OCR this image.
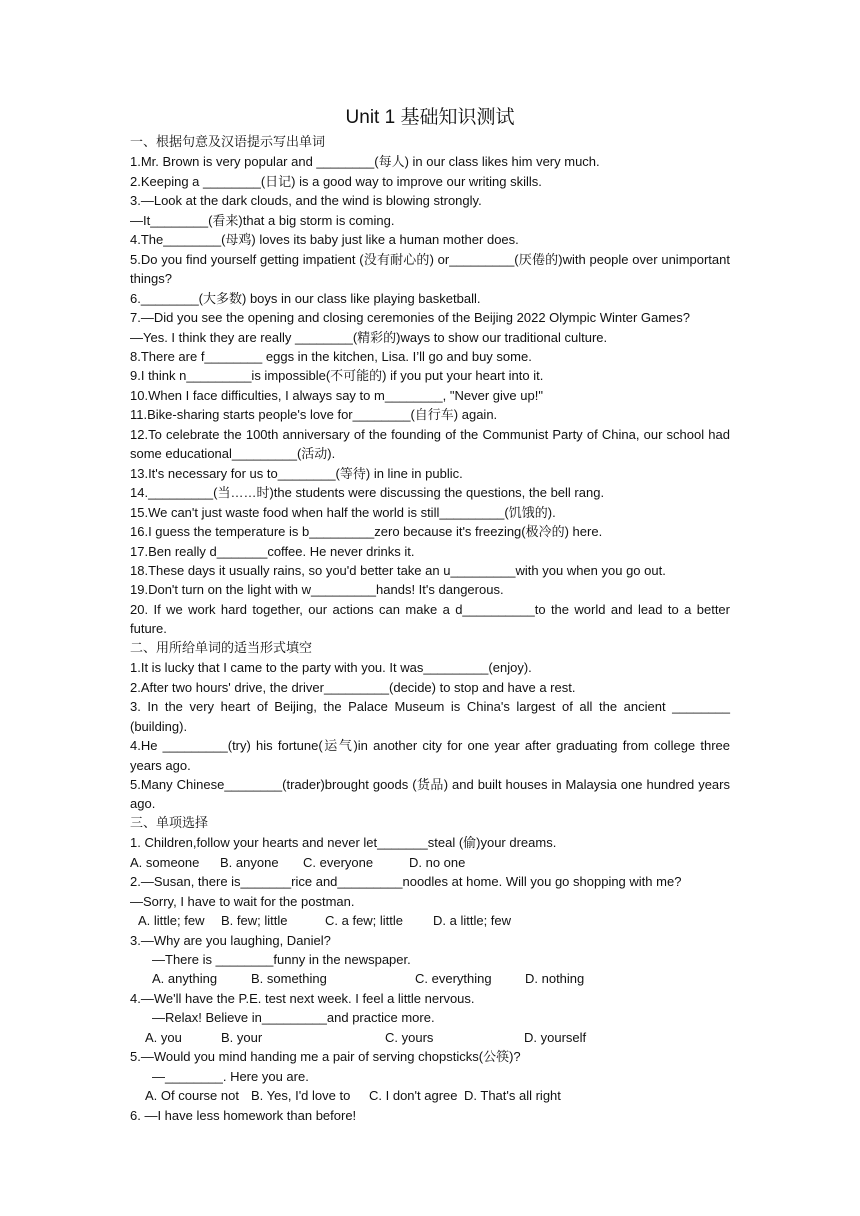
Unit 1 基础知识测试
一、根据句意及汉语提示写出单词
1.Mr. Brown is very popular and ________(每人) in our class likes him very much.
2.Keeping a ________(日记) is a good way to improve our writing skills.
3.—Look at the dark clouds, and the wind is blowing strongly.
—It________(看来)that a big storm is coming.
4.The________(母鸡) loves its baby just like a human mother does.
5.Do you find yourself getting impatient (没有耐心的) or_________(厌倦的)with people over unimportant things?
6.________(大多数) boys in our class like playing basketball.
7.—Did you see the opening and closing ceremonies of the Beijing 2022 Olympic Winter Games?
—Yes. I think they are really ________(精彩的)ways to show our traditional culture.
8.There are f________ eggs in the kitchen, Lisa. I’ll go and buy some.
9.I think n_________is impossible(不可能的) if you put your heart into it.
10.When I face difficulties, I always say to m________, "Never give up!"
11.Bike-sharing starts people's love for________(自行车) again.
12.To celebrate the 100th anniversary of the founding of the Communist Party of China, our school had some educational_________(活动).
13.It's necessary for us to________(等待) in line in public.
14._________(当……时)the students were discussing the questions, the bell rang.
15.We can't just waste food when half the world is still_________(饥饿的).
16.I guess the temperature is b_________zero because it's freezing(极冷的) here.
17.Ben really d_______coffee. He never drinks it.
18.These days it usually rains, so you'd better take an u_________with you when you go out.
19.Don't turn on the light with w_________hands! It's dangerous.
20. If we work hard together, our actions can make a d__________to the world and lead to a better future.
二、用所给单词的适当形式填空
1.It is lucky that I came to the party with you. It was_________(enjoy).
2.After two hours' drive, the driver_________(decide) to stop and have a rest.
3. In the very heart of Beijing, the Palace Museum is China's largest of all the ancient ________ (building).
4.He _________(try) his fortune(运气)in another city for one year after graduating from college three years ago.
5.Many Chinese________(trader)brought goods (货品) and built houses in Malaysia one hundred years ago.
三、单项选择
1. Children,follow your hearts and never let_______steal (偷)your dreams.
A. someone B. anyone C. everyone	D. no one
2.—Susan, there is_______rice and_________noodles at home. Will you go shopping with me?
—Sorry, I have to wait for the postman.
A. little; few B. few; little	C. a few; little D. a little; few
3.—Why are you laughing, Daniel?
—There is ________funny in the newspaper.
A. anything	B. something	C. everything	D. nothing
4.—We'll have the P.E. test next week. I feel a little nervous.
—Relax! Believe in_________and practice more.
A. you	B. your	C. yours	D. yourself
5.—Would you mind handing me a pair of serving chopsticks(公筷)?
—________. Here you are.
A. Of course not B. Yes, I'd love to C. I don't agree D. That's all right
6. —I have less homework than before!
